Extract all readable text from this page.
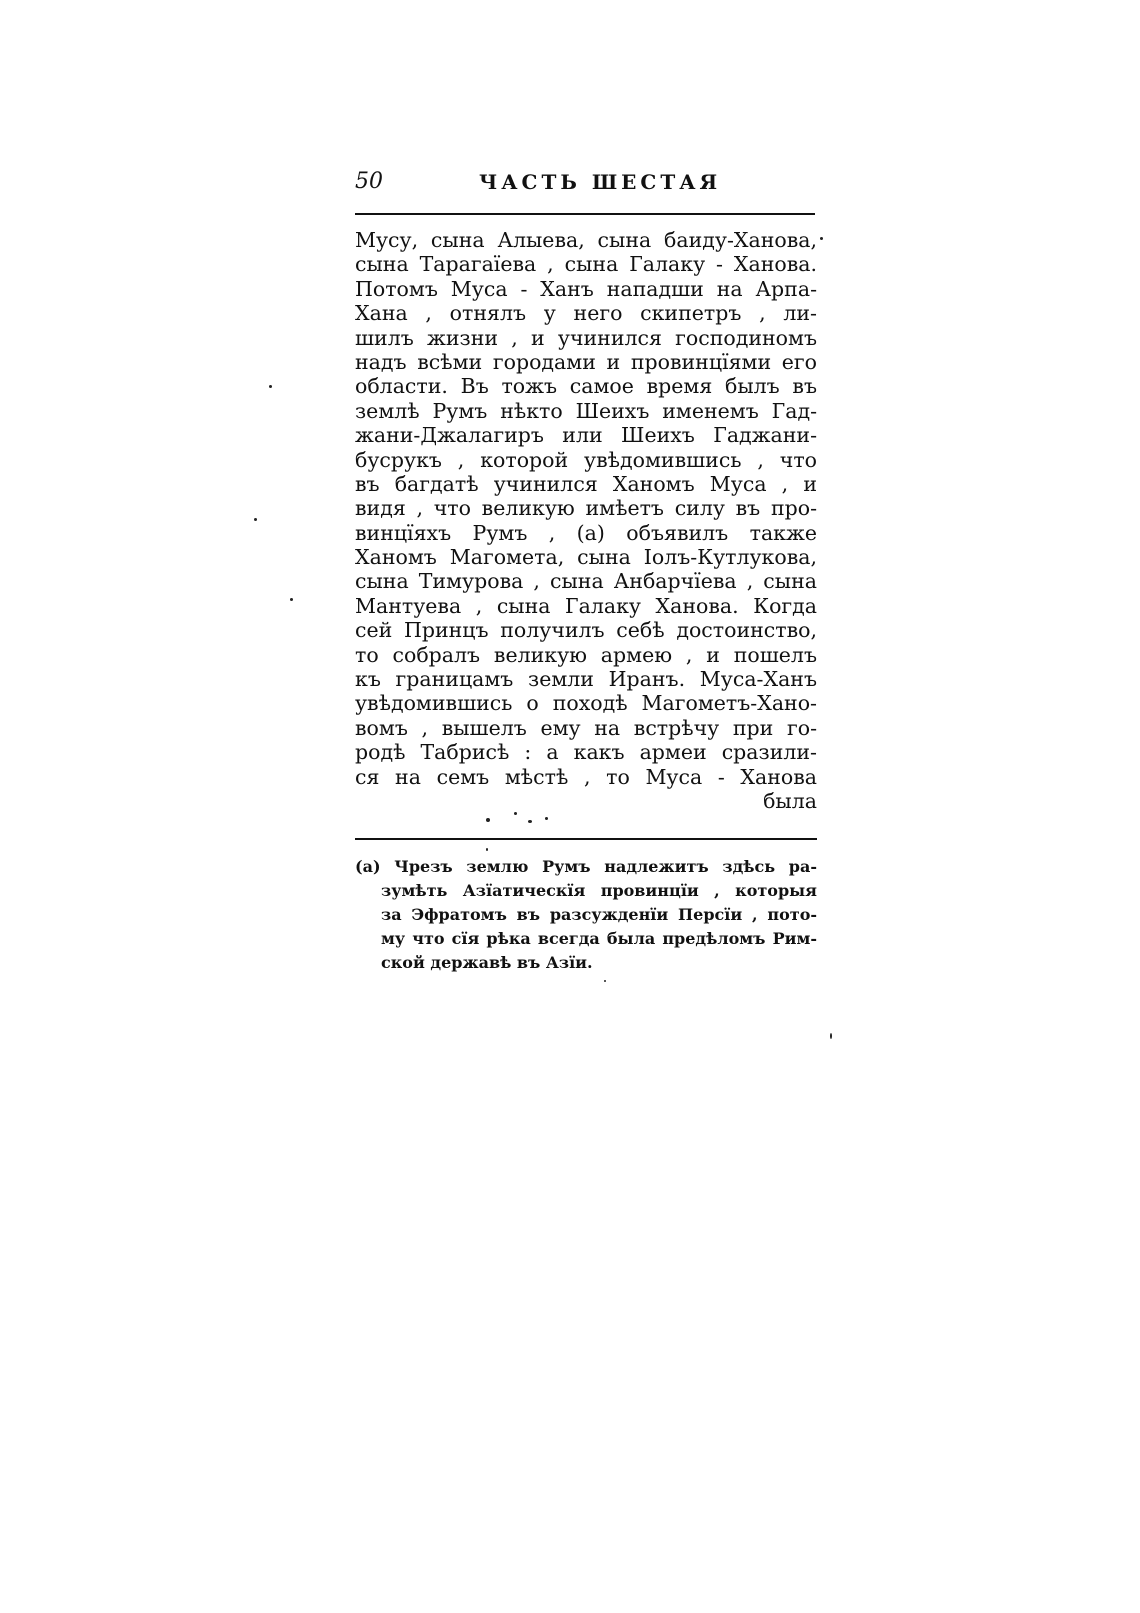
50	ЧАСТЬ ШЕСТАЯ
Мусу, сына Алыева, сына баиду-Ханова,
сына Тарагаїева , сына Галаку - Ханова.
Потомъ Муса - Ханъ нападши на Арпа-
Хана , отнялъ у него скипетръ , ли-
шилъ жизни , и учинился господиномъ
надъ всѣми городами и провинцїями его
области. Въ тожъ самое время былъ въ
землѣ Румъ нѣкто Шеихъ именемъ Гад-
жани-Джалагиръ или Шеихъ Гаджани-
бусрукъ , которой увѣдомившись , что
въ багдатѣ учинился Ханомъ Муса , и
видя , что великую имѣетъ силу въ про-
винцїяхъ Румъ , (а) объявилъ также
Ханомъ Магомета, сына Іолъ-Кутлукова,
сына Тимурова , сына Анбарчїева , сына
Мантуева , сына Галаку Ханова. Когда
сей Принцъ получилъ себѣ достоинство,
то собралъ великую армею , и пошелъ
къ границамъ земли Иранъ. Муса-Ханъ
увѣдомившись о походѣ Магометъ-Хано-
вомъ , вышелъ ему на встрѣчу при го-
родѣ Табрисѣ : а какъ армеи сразили-
ся на семъ мѣстѣ , то Муса - Ханова
была
(а) Чрезъ землю Румъ надлежитъ здѣсь ра-
зумѣть Азїатическїя провинцїи , которыя
за Эфратомъ въ разсужденїи Персїи , пото-
му что сїя рѣка всегда была предѣломъ Рим-
ской державѣ въ Азїи.
